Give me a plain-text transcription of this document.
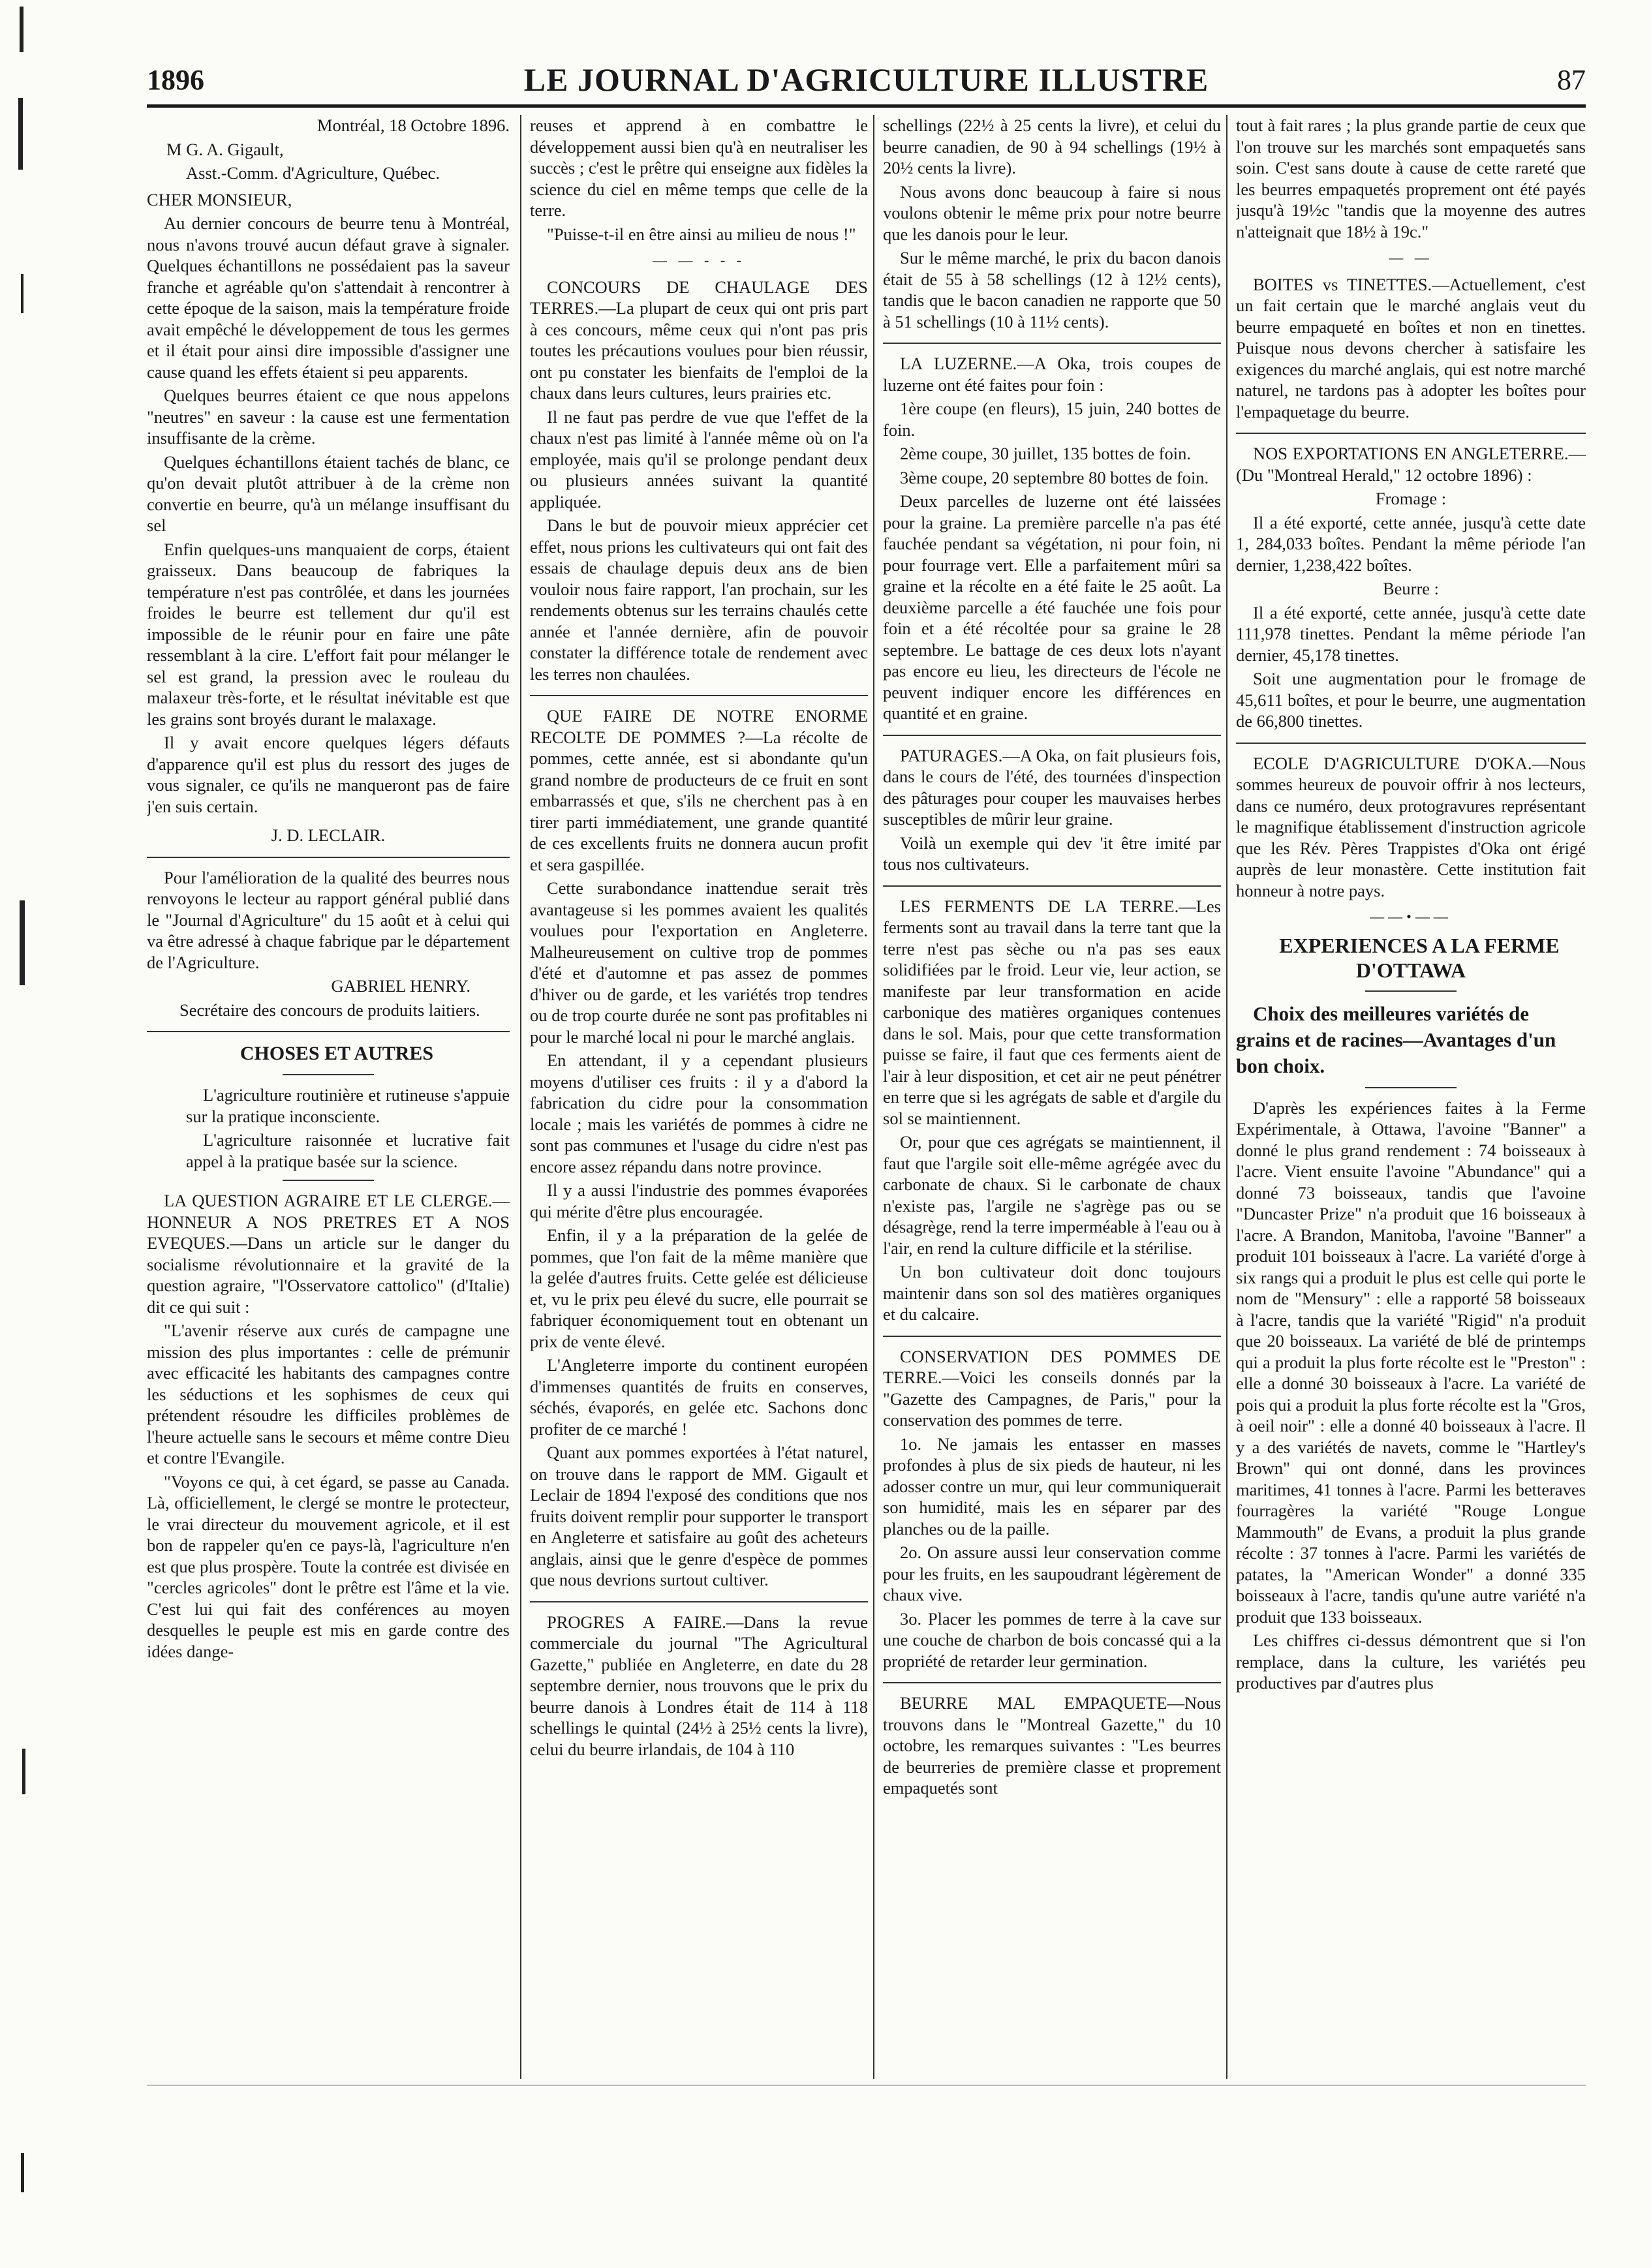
1896	LE JOURNAL D'AGRICULTURE ILLUSTRE	87

Montréal, 18 Octobre 1896.

M G. A. Gigault,

Asst.-Comm. d'Agriculture, Québec.

CHER MONSIEUR,

Au dernier concours de beurre tenu à Montréal, nous n'avons trouvé aucun défaut grave à signaler. Quelques échantillons ne possédaient pas la saveur franche et agréable qu'on s'attendait à rencontrer à cette époque de la saison, mais la température froide avait empêché le développement de tous les germes et il était pour ainsi dire impossible d'assigner une cause quand les effets étaient si peu apparents.

Quelques beurres étaient ce que nous appelons "neutres" en saveur : la cause est une fermentation insuffisante de la crème.

Quelques échantillons étaient tachés de blanc, ce qu'on devait plutôt attribuer à de la crème non convertie en beurre, qu'à un mélange insuffisant du sel

Enfin quelques-uns manquaient de corps, étaient graisseux. Dans beaucoup de fabriques la température n'est pas contrôlée, et dans les journées froides le beurre est tellement dur qu'il est impossible de le réunir pour en faire une pâte ressemblant à la cire. L'effort fait pour mélanger le sel est grand, la pression avec le rouleau du malaxeur très-forte, et le résultat inévitable est que les grains sont broyés durant le malaxage.

Il y avait encore quelques légers défauts d'apparence qu'il est plus du ressort des juges de vous signaler, ce qu'ils ne manqueront pas de faire j'en suis certain.

J. D. LECLAIR.

Pour l'amélioration de la qualité des beurres nous renvoyons le lecteur au rapport général publié dans le "Journal d'Agriculture" du 15 août et à celui qui va être adressé à chaque fabrique par le département de l'Agriculture.

GABRIEL HENRY.

Secrétaire des concours de produits laitiers.

CHOSES ET AUTRES

L'agriculture routinière et rutineuse s'appuie sur la pratique inconsciente.

L'agriculture raisonnée et lucrative fait appel à la pratique basée sur la science.

LA QUESTION AGRAIRE ET LE CLERGE.—HONNEUR A NOS PRETRES ET A NOS EVEQUES.—Dans un article sur le danger du socialisme révolutionnaire et la gravité de la question agraire, "l'Osservatore cattolico" (d'Italie) dit ce qui suit :

"L'avenir réserve aux curés de campagne une mission des plus importantes : celle de prémunir avec efficacité les habitants des campagnes contre les séductions et les sophismes de ceux qui prétendent résoudre les difficiles problèmes de l'heure actuelle sans le secours et même contre Dieu et contre l'Evangile.

"Voyons ce qui, à cet égard, se passe au Canada. Là, officiellement, le clergé se montre le protecteur, le vrai directeur du mouvement agricole, et il est bon de rappeler qu'en ce pays-là, l'agriculture n'en est que plus prospère. Toute la contrée est divisée en "cercles agricoles" dont le prêtre est l'âme et la vie. C'est lui qui fait des conférences au moyen desquelles le peuple est mis en garde contre des idées dange-

reuses et apprend à en combattre le développement aussi bien qu'à en neutraliser les succès ; c'est le prêtre qui enseigne aux fidèles la science du ciel en même temps que celle de la terre.

"Puisse-t-il en être ainsi au milieu de nous !"

— — - - -

CONCOURS DE CHAULAGE DES TERRES.—La plupart de ceux qui ont pris part à ces concours, même ceux qui n'ont pas pris toutes les précautions voulues pour bien réussir, ont pu constater les bienfaits de l'emploi de la chaux dans leurs cultures, leurs prairies etc.

Il ne faut pas perdre de vue que l'effet de la chaux n'est pas limité à l'année même où on l'a employée, mais qu'il se prolonge pendant deux ou plusieurs années suivant la quantité appliquée.

Dans le but de pouvoir mieux apprécier cet effet, nous prions les cultivateurs qui ont fait des essais de chaulage depuis deux ans de bien vouloir nous faire rapport, l'an prochain, sur les rendements obtenus sur les terrains chaulés cette année et l'année dernière, afin de pouvoir constater la différence totale de rendement avec les terres non chaulées.

QUE FAIRE DE NOTRE ENORME RECOLTE DE POMMES ?—La récolte de pommes, cette année, est si abondante qu'un grand nombre de producteurs de ce fruit en sont embarrassés et que, s'ils ne cherchent pas à en tirer parti immédiatement, une grande quantité de ces excellents fruits ne donnera aucun profit et sera gaspillée.

Cette surabondance inattendue serait très avantageuse si les pommes avaient les qualités voulues pour l'exportation en Angleterre. Malheureusement on cultive trop de pommes d'été et d'automne et pas assez de pommes d'hiver ou de garde, et les variétés trop tendres ou de trop courte durée ne sont pas profitables ni pour le marché local ni pour le marché anglais.

En attendant, il y a cependant plusieurs moyens d'utiliser ces fruits : il y a d'abord la fabrication du cidre pour la consommation locale ; mais les variétés de pommes à cidre ne sont pas communes et l'usage du cidre n'est pas encore assez répandu dans notre province.

Il y a aussi l'industrie des pommes évaporées qui mérite d'être plus encouragée.

Enfin, il y a la préparation de la gelée de pommes, que l'on fait de la même manière que la gelée d'autres fruits. Cette gelée est délicieuse et, vu le prix peu élevé du sucre, elle pourrait se fabriquer économiquement tout en obtenant un prix de vente élevé.

L'Angleterre importe du continent européen d'immenses quantités de fruits en conserves, séchés, évaporés, en gelée etc. Sachons donc profiter de ce marché !

Quant aux pommes exportées à l'état naturel, on trouve dans le rapport de MM. Gigault et Leclair de 1894 l'exposé des conditions que nos fruits doivent remplir pour supporter le transport en Angleterre et satisfaire au goût des acheteurs anglais, ainsi que le genre d'espèce de pommes que nous devrions surtout cultiver.

PROGRES A FAIRE.—Dans la revue commerciale du journal "The Agricultural Gazette," publiée en Angleterre, en date du 28 septembre dernier, nous trouvons que le prix du beurre danois à Londres était de 114 à 118 schellings le quintal (24½ à 25½ cents la livre), celui du beurre irlandais, de 104 à 110

schellings (22½ à 25 cents la livre), et celui du beurre canadien, de 90 à 94 schellings (19½ à 20½ cents la livre).

Nous avons donc beaucoup à faire si nous voulons obtenir le même prix pour notre beurre que les danois pour le leur.

Sur le même marché, le prix du bacon danois était de 55 à 58 schellings (12 à 12½ cents), tandis que le bacon canadien ne rapporte que 50 à 51 schellings (10 à 11½ cents).

LA LUZERNE.—A Oka, trois coupes de luzerne ont été faites pour foin :

1ère coupe (en fleurs), 15 juin, 240 bottes de foin.

2ème coupe, 30 juillet, 135 bottes de foin.

3ème coupe, 20 septembre 80 bottes de foin.

Deux parcelles de luzerne ont été laissées pour la graine. La première parcelle n'a pas été fauchée pendant sa végétation, ni pour foin, ni pour fourrage vert. Elle a parfaitement mûri sa graine et la récolte en a été faite le 25 août. La deuxième parcelle a été fauchée une fois pour foin et a été récoltée pour sa graine le 28 septembre. Le battage de ces deux lots n'ayant pas encore eu lieu, les directeurs de l'école ne peuvent indiquer encore les différences en quantité et en graine.

PATURAGES.—A Oka, on fait plusieurs fois, dans le cours de l'été, des tournées d'inspection des pâturages pour couper les mauvaises herbes susceptibles de mûrir leur graine.

Voilà un exemple qui dev 'it être imité par tous nos cultivateurs.

LES FERMENTS DE LA TERRE.—Les ferments sont au travail dans la terre tant que la terre n'est pas sèche ou n'a pas ses eaux solidifiées par le froid. Leur vie, leur action, se manifeste par leur transformation en acide carbonique des matières organiques contenues dans le sol. Mais, pour que cette transformation puisse se faire, il faut que ces ferments aient de l'air à leur disposition, et cet air ne peut pénétrer en terre que si les agrégats de sable et d'argile du sol se maintiennent.

Or, pour que ces agrégats se maintiennent, il faut que l'argile soit elle-même agrégée avec du carbonate de chaux. Si le carbonate de chaux n'existe pas, l'argile ne s'agrège pas ou se désagrège, rend la terre imperméable à l'eau ou à l'air, en rend la culture difficile et la stérilise.

Un bon cultivateur doit donc toujours maintenir dans son sol des matières organiques et du calcaire.

CONSERVATION DES POMMES DE TERRE.—Voici les conseils donnés par la "Gazette des Campagnes, de Paris," pour la conservation des pommes de terre.

1o. Ne jamais les entasser en masses profondes à plus de six pieds de hauteur, ni les adosser contre un mur, qui leur communiquerait son humidité, mais les en séparer par des planches ou de la paille.

2o. On assure aussi leur conservation comme pour les fruits, en les saupoudrant légèrement de chaux vive.

3o. Placer les pommes de terre à la cave sur une couche de charbon de bois concassé qui a la propriété de retarder leur germination.

BEURRE MAL EMPAQUETE—Nous trouvons dans le "Montreal Gazette," du 10 octobre, les remarques suivantes : "Les beurres de beurreries de première classe et proprement empaquetés sont

tout à fait rares ; la plus grande partie de ceux que l'on trouve sur les marchés sont empaquetés sans soin. C'est sans doute à cause de cette rareté que les beurres empaquetés proprement ont été payés jusqu'à 19½c "tandis que la moyenne des autres n'atteignait que 18½ à 19c."

— —

BOITES vs TINETTES.—Actuellement, c'est un fait certain que le marché anglais veut du beurre empaqueté en boîtes et non en tinettes. Puisque nous devons chercher à satisfaire les exigences du marché anglais, qui est notre marché naturel, ne tardons pas à adopter les boîtes pour l'empaquetage du beurre.

NOS EXPORTATIONS EN ANGLETERRE.—(Du "Montreal Herald," 12 octobre 1896) :

Fromage :

Il a été exporté, cette année, jusqu'à cette date 1, 284,033 boîtes. Pendant la même période l'an dernier, 1,238,422 boîtes.

Beurre :

Il a été exporté, cette année, jusqu'à cette date 111,978 tinettes. Pendant la même période l'an dernier, 45,178 tinettes.

Soit une augmentation pour le fromage de 45,611 boîtes, et pour le beurre, une augmentation de 66,800 tinettes.

ECOLE D'AGRICULTURE D'OKA.—Nous sommes heureux de pouvoir offrir à nos lecteurs, dans ce numéro, deux protogravures représentant le magnifique établissement d'instruction agricole que les Rév. Pères Trappistes d'Oka ont érigé auprès de leur monastère. Cette institution fait honneur à notre pays.

——•——

EXPERIENCES A LA FERME D'OTTAWA

Choix des meilleures variétés de grains et de racines—Avantages d'un bon choix.

D'après les expériences faites à la Ferme Expérimentale, à Ottawa, l'avoine "Banner" a donné le plus grand rendement : 74 boisseaux à l'acre. Vient ensuite l'avoine "Abundance" qui a donné 73 boisseaux, tandis que l'avoine "Duncaster Prize" n'a produit que 16 boisseaux à l'acre. A Brandon, Manitoba, l'avoine "Banner" a produit 101 boisseaux à l'acre. La variété d'orge à six rangs qui a produit le plus est celle qui porte le nom de "Mensury" : elle a rapporté 58 boisseaux à l'acre, tandis que la variété "Rigid" n'a produit que 20 boisseaux. La variété de blé de printemps qui a produit la plus forte récolte est le "Preston" : elle a donné 30 boisseaux à l'acre. La variété de pois qui a produit la plus forte récolte est la "Gros, à oeil noir" : elle a donné 40 boisseaux à l'acre. Il y a des variétés de navets, comme le "Hartley's Brown" qui ont donné, dans les provinces maritimes, 41 tonnes à l'acre. Parmi les betteraves fourragères la variété "Rouge Longue Mammouth" de Evans, a produit la plus grande récolte : 37 tonnes à l'acre. Parmi les variétés de patates, la "American Wonder" a donné 335 boisseaux à l'acre, tandis qu'une autre variété n'a produit que 133 boisseaux.

Les chiffres ci-dessus démontrent que si l'on remplace, dans la culture, les variétés peu productives par d'autres plus
